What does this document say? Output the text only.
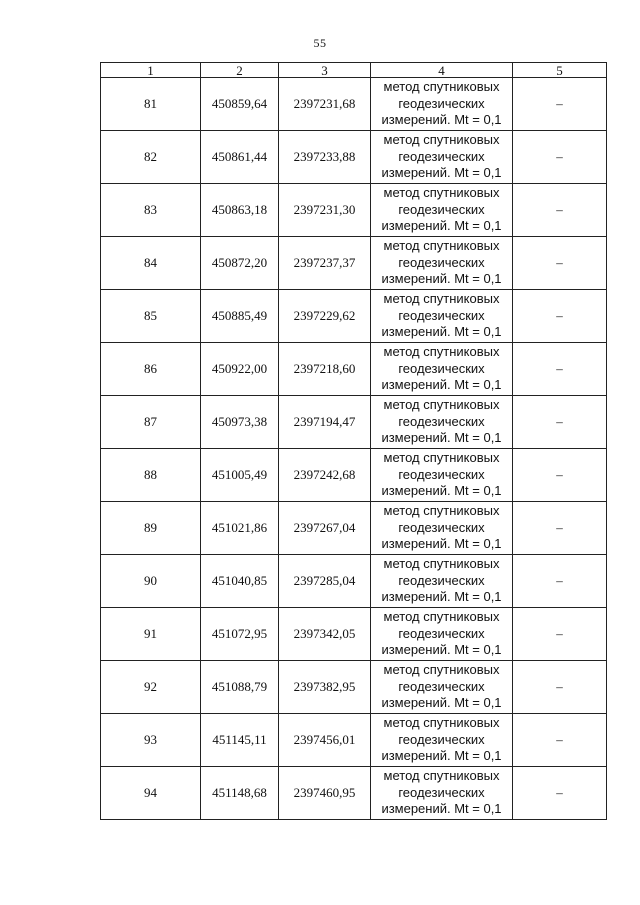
55
1	2	3	4	5
81	450859,64	2397231,68	метод спутниковых
геодезических
измерений. Mt = 0,1	–
82	450861,44	2397233,88	метод спутниковых
геодезических
измерений. Mt = 0,1	–
83	450863,18	2397231,30	метод спутниковых
геодезических
измерений. Mt = 0,1	–
84	450872,20	2397237,37	метод спутниковых
геодезических
измерений. Mt = 0,1	–
85	450885,49	2397229,62	метод спутниковых
геодезических
измерений. Mt = 0,1	–
86	450922,00	2397218,60	метод спутниковых
геодезических
измерений. Mt = 0,1	–
87	450973,38	2397194,47	метод спутниковых
геодезических
измерений. Mt = 0,1	–
88	451005,49	2397242,68	метод спутниковых
геодезических
измерений. Mt = 0,1	–
89	451021,86	2397267,04	метод спутниковых
геодезических
измерений. Mt = 0,1	–
90	451040,85	2397285,04	метод спутниковых
геодезических
измерений. Mt = 0,1	–
91	451072,95	2397342,05	метод спутниковых
геодезических
измерений. Mt = 0,1	–
92	451088,79	2397382,95	метод спутниковых
геодезических
измерений. Mt = 0,1	–
93	451145,11	2397456,01	метод спутниковых
геодезических
измерений. Mt = 0,1	–
94	451148,68	2397460,95	метод спутниковых
геодезических
измерений. Mt = 0,1	–
